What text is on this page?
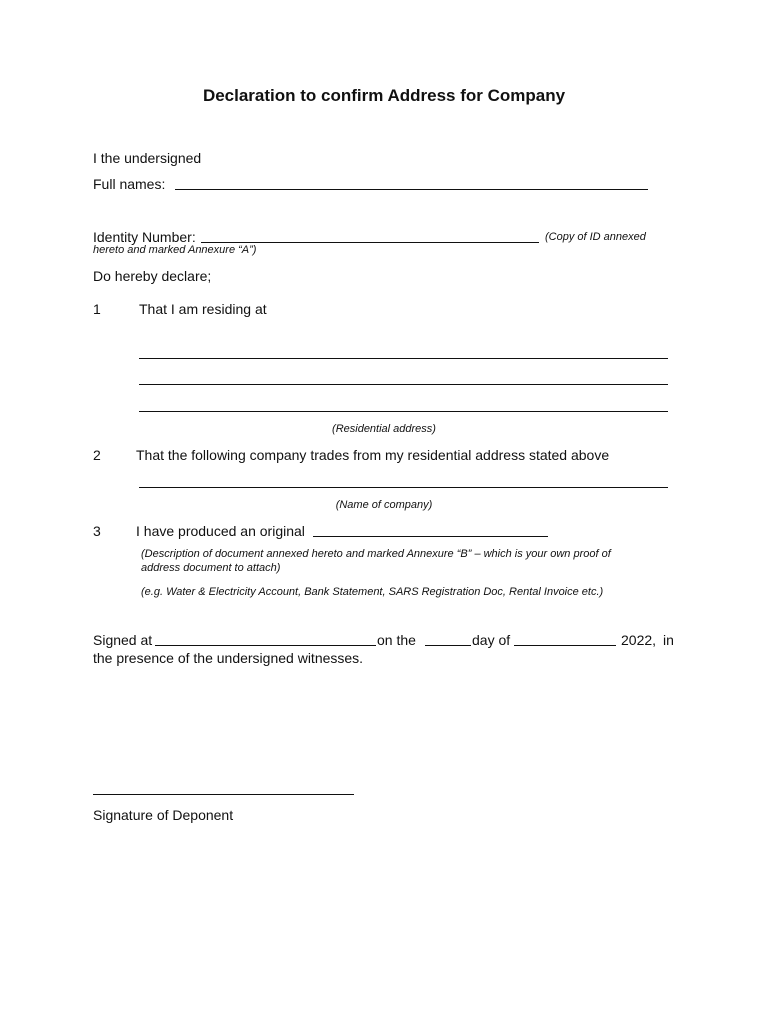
Declaration to confirm Address for Company
I the undersigned
Full names:
Identity Number:	(Copy of ID annexed
hereto and marked Annexure “A”)
Do hereby declare;
1	That I am residing at
(Residential address)
2	That the following company trades from my residential address stated above
(Name of company)
3	I have produced an original
(Description of document annexed hereto and marked Annexure “B” – which is your own proof of
address document to attach)
(e.g. Water & Electricity Account, Bank Statement, SARS Registration Doc, Rental Invoice etc.)
Signed at	on the	day of	2022, in
the presence of the undersigned witnesses.
Signature of Deponent
